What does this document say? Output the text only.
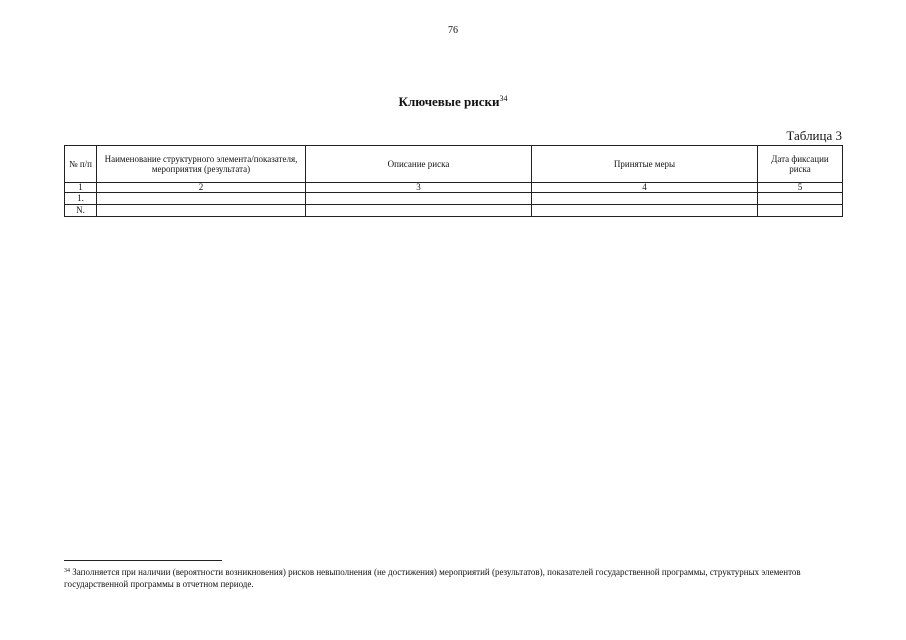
76
Ключевые риски$^{34}$
Таблица 3
№ п/п	Наименование структурного элемента/показателя, мероприятия (результата)	Описание риска	Принятые меры	Дата фиксации риска
1	2	3	4	5
1.				
N.				
$^{34}$ Заполняется при наличии (вероятности возникновения) рисков невыполнения (не достижения) мероприятий (результатов), показателей государственной программы, структурных элементов государственной программы в отчетном периоде.
